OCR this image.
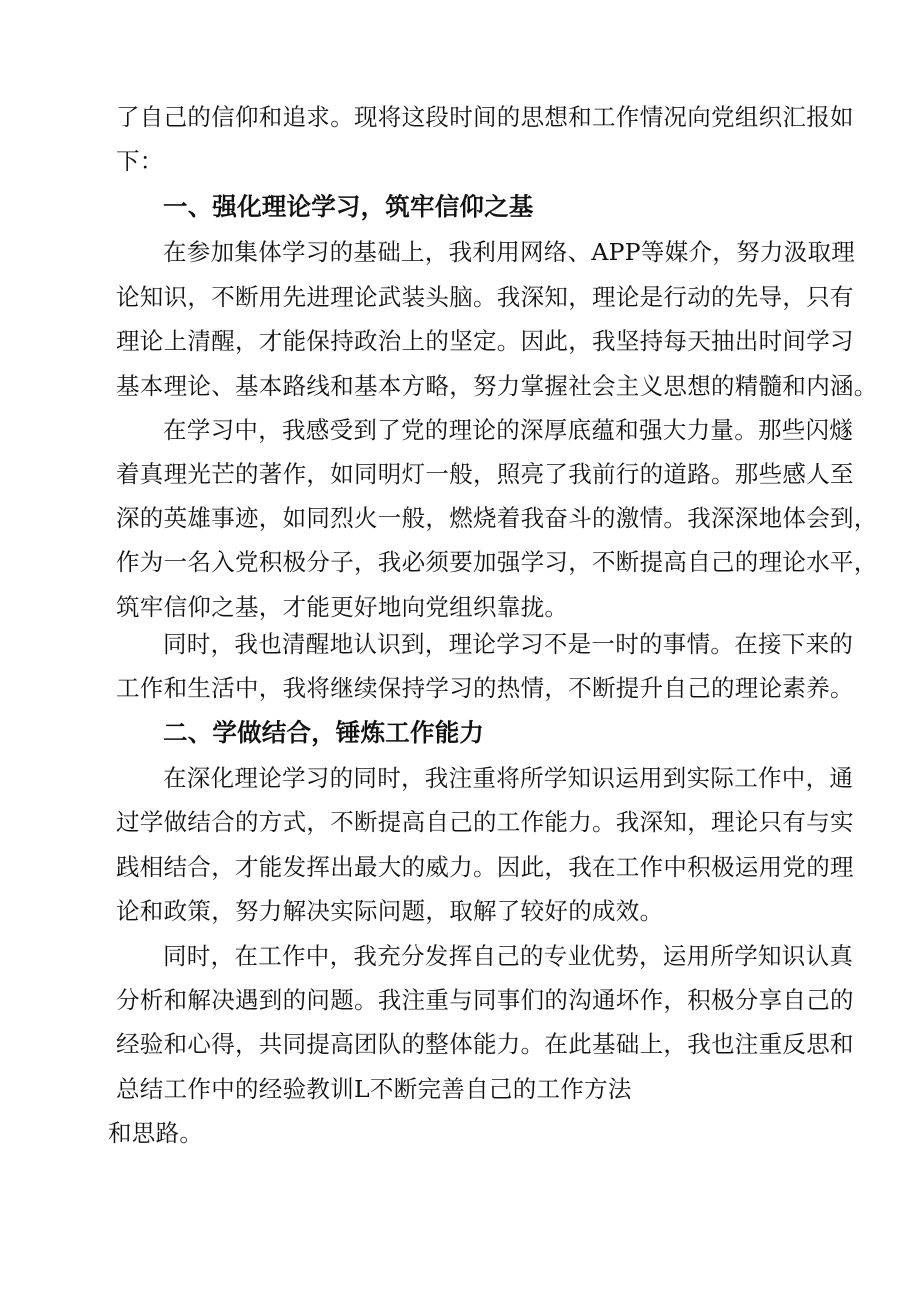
了自己的信仰和追求。现将这段时间的思想和工作情况向党组织汇报如
下：
一、强化理论学习，筑牢信仰之基
在参加集体学习的基础上，我利用网络、APP等媒介，努力汲取理
论知识，不断用先进理论武装头脑。我深知，理论是行动的先导，只有
理论上清醒，才能保持政治上的坚定。因此，我坚持每天抽出时间学习
基本理论、基本路线和基本方略，努力掌握社会主义思想的精髓和内涵。
在学习中，我感受到了党的理论的深厚底蕴和强大力量。那些闪燧
着真理光芒的著作，如同明灯一般，照亮了我前行的道路。那些感人至
深的英雄事迹，如同烈火一般，燃烧着我奋斗的激情。我深深地体会到，
作为一名入党积极分子，我必须要加强学习，不断提高自己的理论水平，
筑牢信仰之基，才能更好地向党组织靠拢。
同时，我也清醒地认识到，理论学习不是一时的事情。在接下来的
工作和生活中，我将继续保持学习的热情，不断提升自己的理论素养。
二、学做结合，锤炼工作能力
在深化理论学习的同时，我注重将所学知识运用到实际工作中，通
过学做结合的方式，不断提高自己的工作能力。我深知，理论只有与实
践相结合，才能发挥出最大的威力。因此，我在工作中积极运用党的理
论和政策，努力解决实际问题，取解了较好的成效。
同时，在工作中，我充分发挥自己的专业优势，运用所学知识认真
分析和解决遇到的问题。我注重与同事们的沟通坏作，积极分享自己的
经验和心得，共同提高团队的整体能力。在此基础上，我也注重反思和
总结工作中的经验教训L不断完善自己的工作方法
和思路。
